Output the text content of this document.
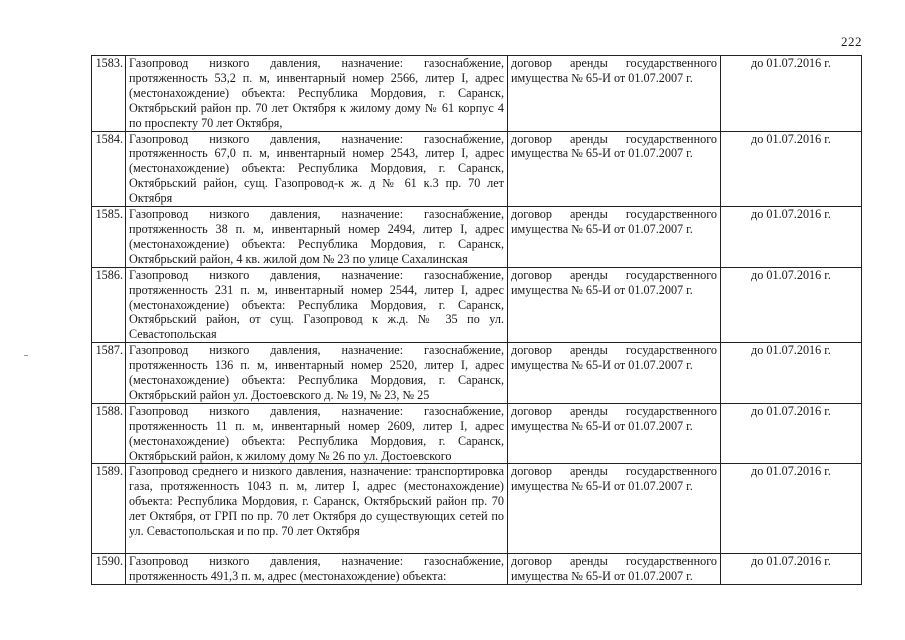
222
1583.	Газопровод низкого давления, назначение: газоснабжение, протяженность 53,2 п. м, инвентарный номер 2566, литер I, адрес (местонахождение) объекта: Республика Мордовия, г. Саранск, Октябрьский район пр. 70 лет Октября к жилому дому № 61 корпус 4 по проспекту 70 лет Октября,	договор аренды государственного имущества № 65-И от 01.07.2007 г.	до 01.07.2016 г.
1584.	Газопровод низкого давления, назначение: газоснабжение, протяженность 67,0 п. м, инвентарный номер 2543, литер I, адрес (местонахождение) объекта: Республика Мордовия, г. Саранск, Октябрьский район, сущ. Газопровод-к ж. д № 61 к.3 пр. 70 лет Октября	договор аренды государственного имущества № 65-И от 01.07.2007 г.	до 01.07.2016 г.
1585.	Газопровод низкого давления, назначение: газоснабжение, протяженность 38 п. м, инвентарный номер 2494, литер I, адрес (местонахождение) объекта: Республика Мордовия, г. Саранск, Октябрьский район, 4 кв. жилой дом № 23 по улице Сахалинская	договор аренды государственного имущества № 65-И от 01.07.2007 г.	до 01.07.2016 г.
1586.	Газопровод низкого давления, назначение: газоснабжение, протяженность 231 п. м, инвентарный номер 2544, литер I, адрес (местонахождение) объекта: Республика Мордовия, г. Саранск, Октябрьский район, от сущ. Газопровод к ж.д. № 35 по ул. Севастопольская	договор аренды государственного имущества № 65-И от 01.07.2007 г.	до 01.07.2016 г.
1587.	Газопровод низкого давления, назначение: газоснабжение, протяженность 136 п. м, инвентарный номер 2520, литер I, адрес (местонахождение) объекта: Республика Мордовия, г. Саранск, Октябрьский район ул. Достоевского д. № 19, № 23, № 25	договор аренды государственного имущества № 65-И от 01.07.2007 г.	до 01.07.2016 г.
1588.	Газопровод низкого давления, назначение: газоснабжение, протяженность 11 п. м, инвентарный номер 2609, литер I, адрес (местонахождение) объекта: Республика Мордовия, г. Саранск, Октябрьский район, к жилому дому № 26 по ул. Достоевского	договор аренды государственного имущества № 65-И от 01.07.2007 г.	до 01.07.2016 г.
1589.	Газопровод среднего и низкого давления, назначение: транспортировка газа, протяженность 1043 п. м, литер I, адрес (местонахождение) объекта: Республика Мордовия, г. Саранск, Октябрьский район пр. 70 лет Октября, от ГРП по пр. 70 лет Октября до существующих сетей по ул. Севастопольская и по пр. 70 лет Октября	договор аренды государственного имущества № 65-И от 01.07.2007 г.	до 01.07.2016 г.
1590.	Газопровод низкого давления, назначение: газоснабжение, протяженность 491,3 п. м, адрес (местонахождение) объекта:	договор аренды государственного имущества № 65-И от 01.07.2007 г.	до 01.07.2016 г.
